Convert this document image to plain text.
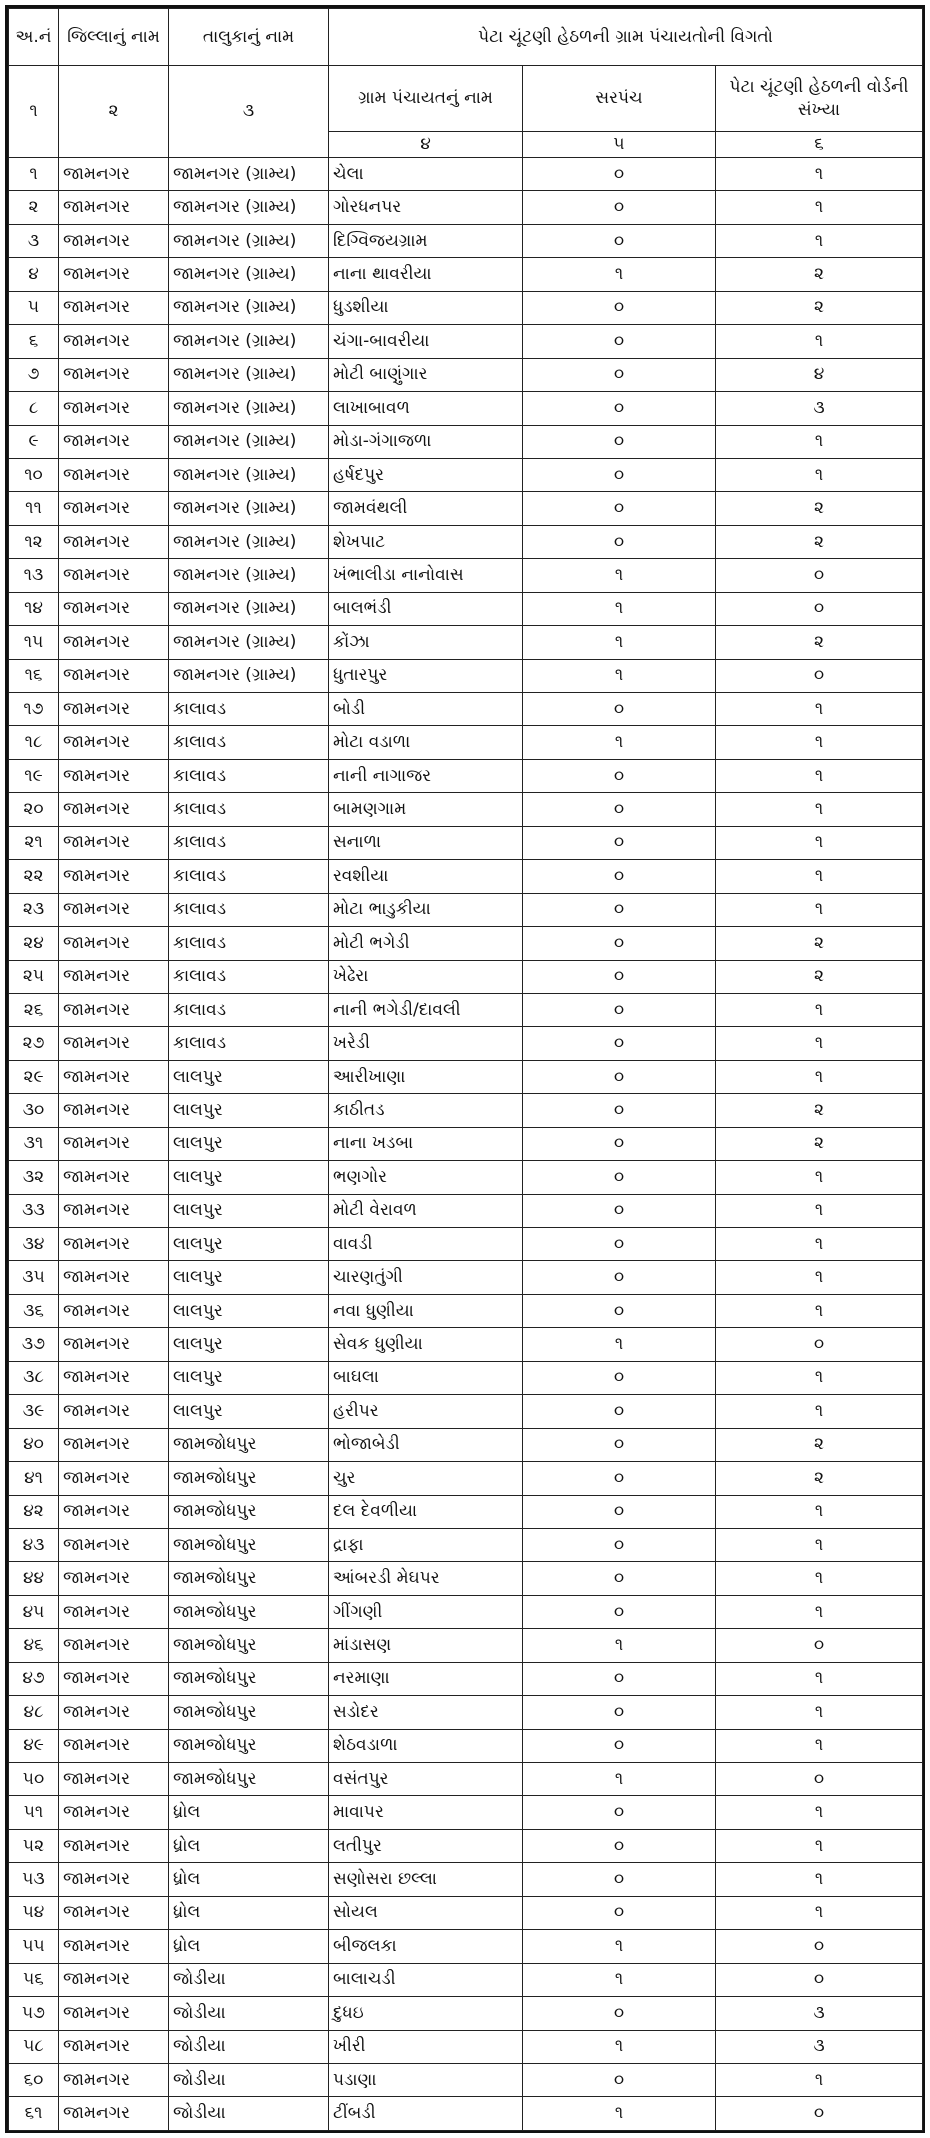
અ.નં	જિલ્લાનું નામ	તાલુકાનું નામ	પેટા ચૂંટણી હેઠળની ગ્રામ પંચાયતોની વિગતો		
૧	૨	૩	ગ્રામ પંચાયતનું નામ	સરપંચ	પેટા ચૂંટણી હેઠળની વોર્ડની સંખ્યા
			૪	૫	૬
૧	જામનગર	જામનગર (ગ્રામ્ય)	ચેલા	૦	૧
૨	જામનગર	જામનગર (ગ્રામ્ય)	ગોરધનપર	૦	૧
૩	જામનગર	જામનગર (ગ્રામ્ય)	દિગ્વિજયગ્રામ	૦	૧
૪	જામનગર	જામનગર (ગ્રામ્ય)	નાના થાવરીયા	૧	૨
૫	જામનગર	જામનગર (ગ્રામ્ય)	ધુડશીયા	૦	૨
૬	જામનગર	જામનગર (ગ્રામ્ય)	ચંગા-બાવરીયા	૦	૧
૭	જામનગર	જામનગર (ગ્રામ્ય)	મોટી બાણુંગાર	૦	૪
૮	જામનગર	જામનગર (ગ્રામ્ય)	લાખાબાવળ	૦	૩
૯	જામનગર	જામનગર (ગ્રામ્ય)	મોડા-ગંગાજળા	૦	૧
૧૦	જામનગર	જામનગર (ગ્રામ્ય)	હર્ષદપુર	૦	૧
૧૧	જામનગર	જામનગર (ગ્રામ્ય)	જામવંથલી	૦	૨
૧૨	જામનગર	જામનગર (ગ્રામ્ય)	શેખપાટ	૦	૨
૧૩	જામનગર	જામનગર (ગ્રામ્ય)	ખંભાલીડા નાનોવાસ	૧	૦
૧૪	જામનગર	જામનગર (ગ્રામ્ય)	બાલભંડી	૧	૦
૧૫	જામનગર	જામનગર (ગ્રામ્ય)	કોંઝા	૧	૨
૧૬	જામનગર	જામનગર (ગ્રામ્ય)	ધુતારપુર	૧	૦
૧૭	જામનગર	કાલાવડ	બોડી	૦	૧
૧૮	જામનગર	કાલાવડ	મોટા વડાળા	૧	૧
૧૯	જામનગર	કાલાવડ	નાની નાગાજર	૦	૧
૨૦	જામનગર	કાલાવડ	બામણગામ	૦	૧
૨૧	જામનગર	કાલાવડ	સનાળા	૦	૧
૨૨	જામનગર	કાલાવડ	રવશીયા	૦	૧
૨૩	જામનગર	કાલાવડ	મોટા ભાડુકીયા	૦	૧
૨૪	જામનગર	કાલાવડ	મોટી ભગેડી	૦	૨
૨૫	જામનગર	કાલાવડ	ખેઢેરા	૦	૨
૨૬	જામનગર	કાલાવડ	નાની ભગેડી/દાવલી	૦	૧
૨૭	જામનગર	કાલાવડ	ખરેડી	૦	૧
૨૯	જામનગર	લાલપુર	આરીખાણા	૦	૧
૩૦	જામનગર	લાલપુર	કાઠીતડ	૦	૨
૩૧	જામનગર	લાલપુર	નાના ખડબા	૦	૨
૩૨	જામનગર	લાલપુર	ભણગોર	૦	૧
૩૩	જામનગર	લાલપુર	મોટી વેરાવળ	૦	૧
૩૪	જામનગર	લાલપુર	વાવડી	૦	૧
૩૫	જામનગર	લાલપુર	ચારણતુંગી	૦	૧
૩૬	જામનગર	લાલપુર	નવા ધુણીયા	૦	૧
૩૭	જામનગર	લાલપુર	સેવક ધુણીયા	૧	૦
૩૮	જામનગર	લાલપુર	બાઘલા	૦	૧
૩૯	જામનગર	લાલપુર	હરીપર	૦	૧
૪૦	જામનગર	જામજોધપુર	ભોજાબેડી	૦	૨
૪૧	જામનગર	જામજોધપુર	ચુર	૦	૨
૪૨	જામનગર	જામજોધપુર	દલ દેવળીયા	૦	૧
૪૩	જામનગર	જામજોધપુર	દ્રાફા	૦	૧
૪૪	જામનગર	જામજોધપુર	આંબરડી મેઘપર	૦	૧
૪૫	જામનગર	જામજોધપુર	ગીંગણી	૦	૧
૪૬	જામનગર	જામજોધપુર	માંડાસણ	૧	૦
૪૭	જામનગર	જામજોધપુર	નરમાણા	૦	૧
૪૮	જામનગર	જામજોધપુર	સડોદર	૦	૧
૪૯	જામનગર	જામજોધપુર	શેઠવડાળા	૦	૧
૫૦	જામનગર	જામજોધપુર	વસંતપુર	૧	૦
૫૧	જામનગર	ધ્રોલ	માવાપર	૦	૧
૫૨	જામનગર	ધ્રોલ	લતીપુર	૦	૧
૫૩	જામનગર	ધ્રોલ	સણોસરા છલ્લા	૦	૧
૫૪	જામનગર	ધ્રોલ	સોયલ	૦	૧
૫૫	જામનગર	ધ્રોલ	બીજલકા	૧	૦
૫૬	જામનગર	જોડીયા	બાલાચડી	૧	૦
૫૭	જામનગર	જોડીયા	દુધઇ	૦	૩
૫૮	જામનગર	જોડીયા	ખીરી	૧	૩
૬૦	જામનગર	જોડીયા	પડાણા	૦	૧
૬૧	જામનગર	જોડીયા	ટીંબડી	૧	૦
